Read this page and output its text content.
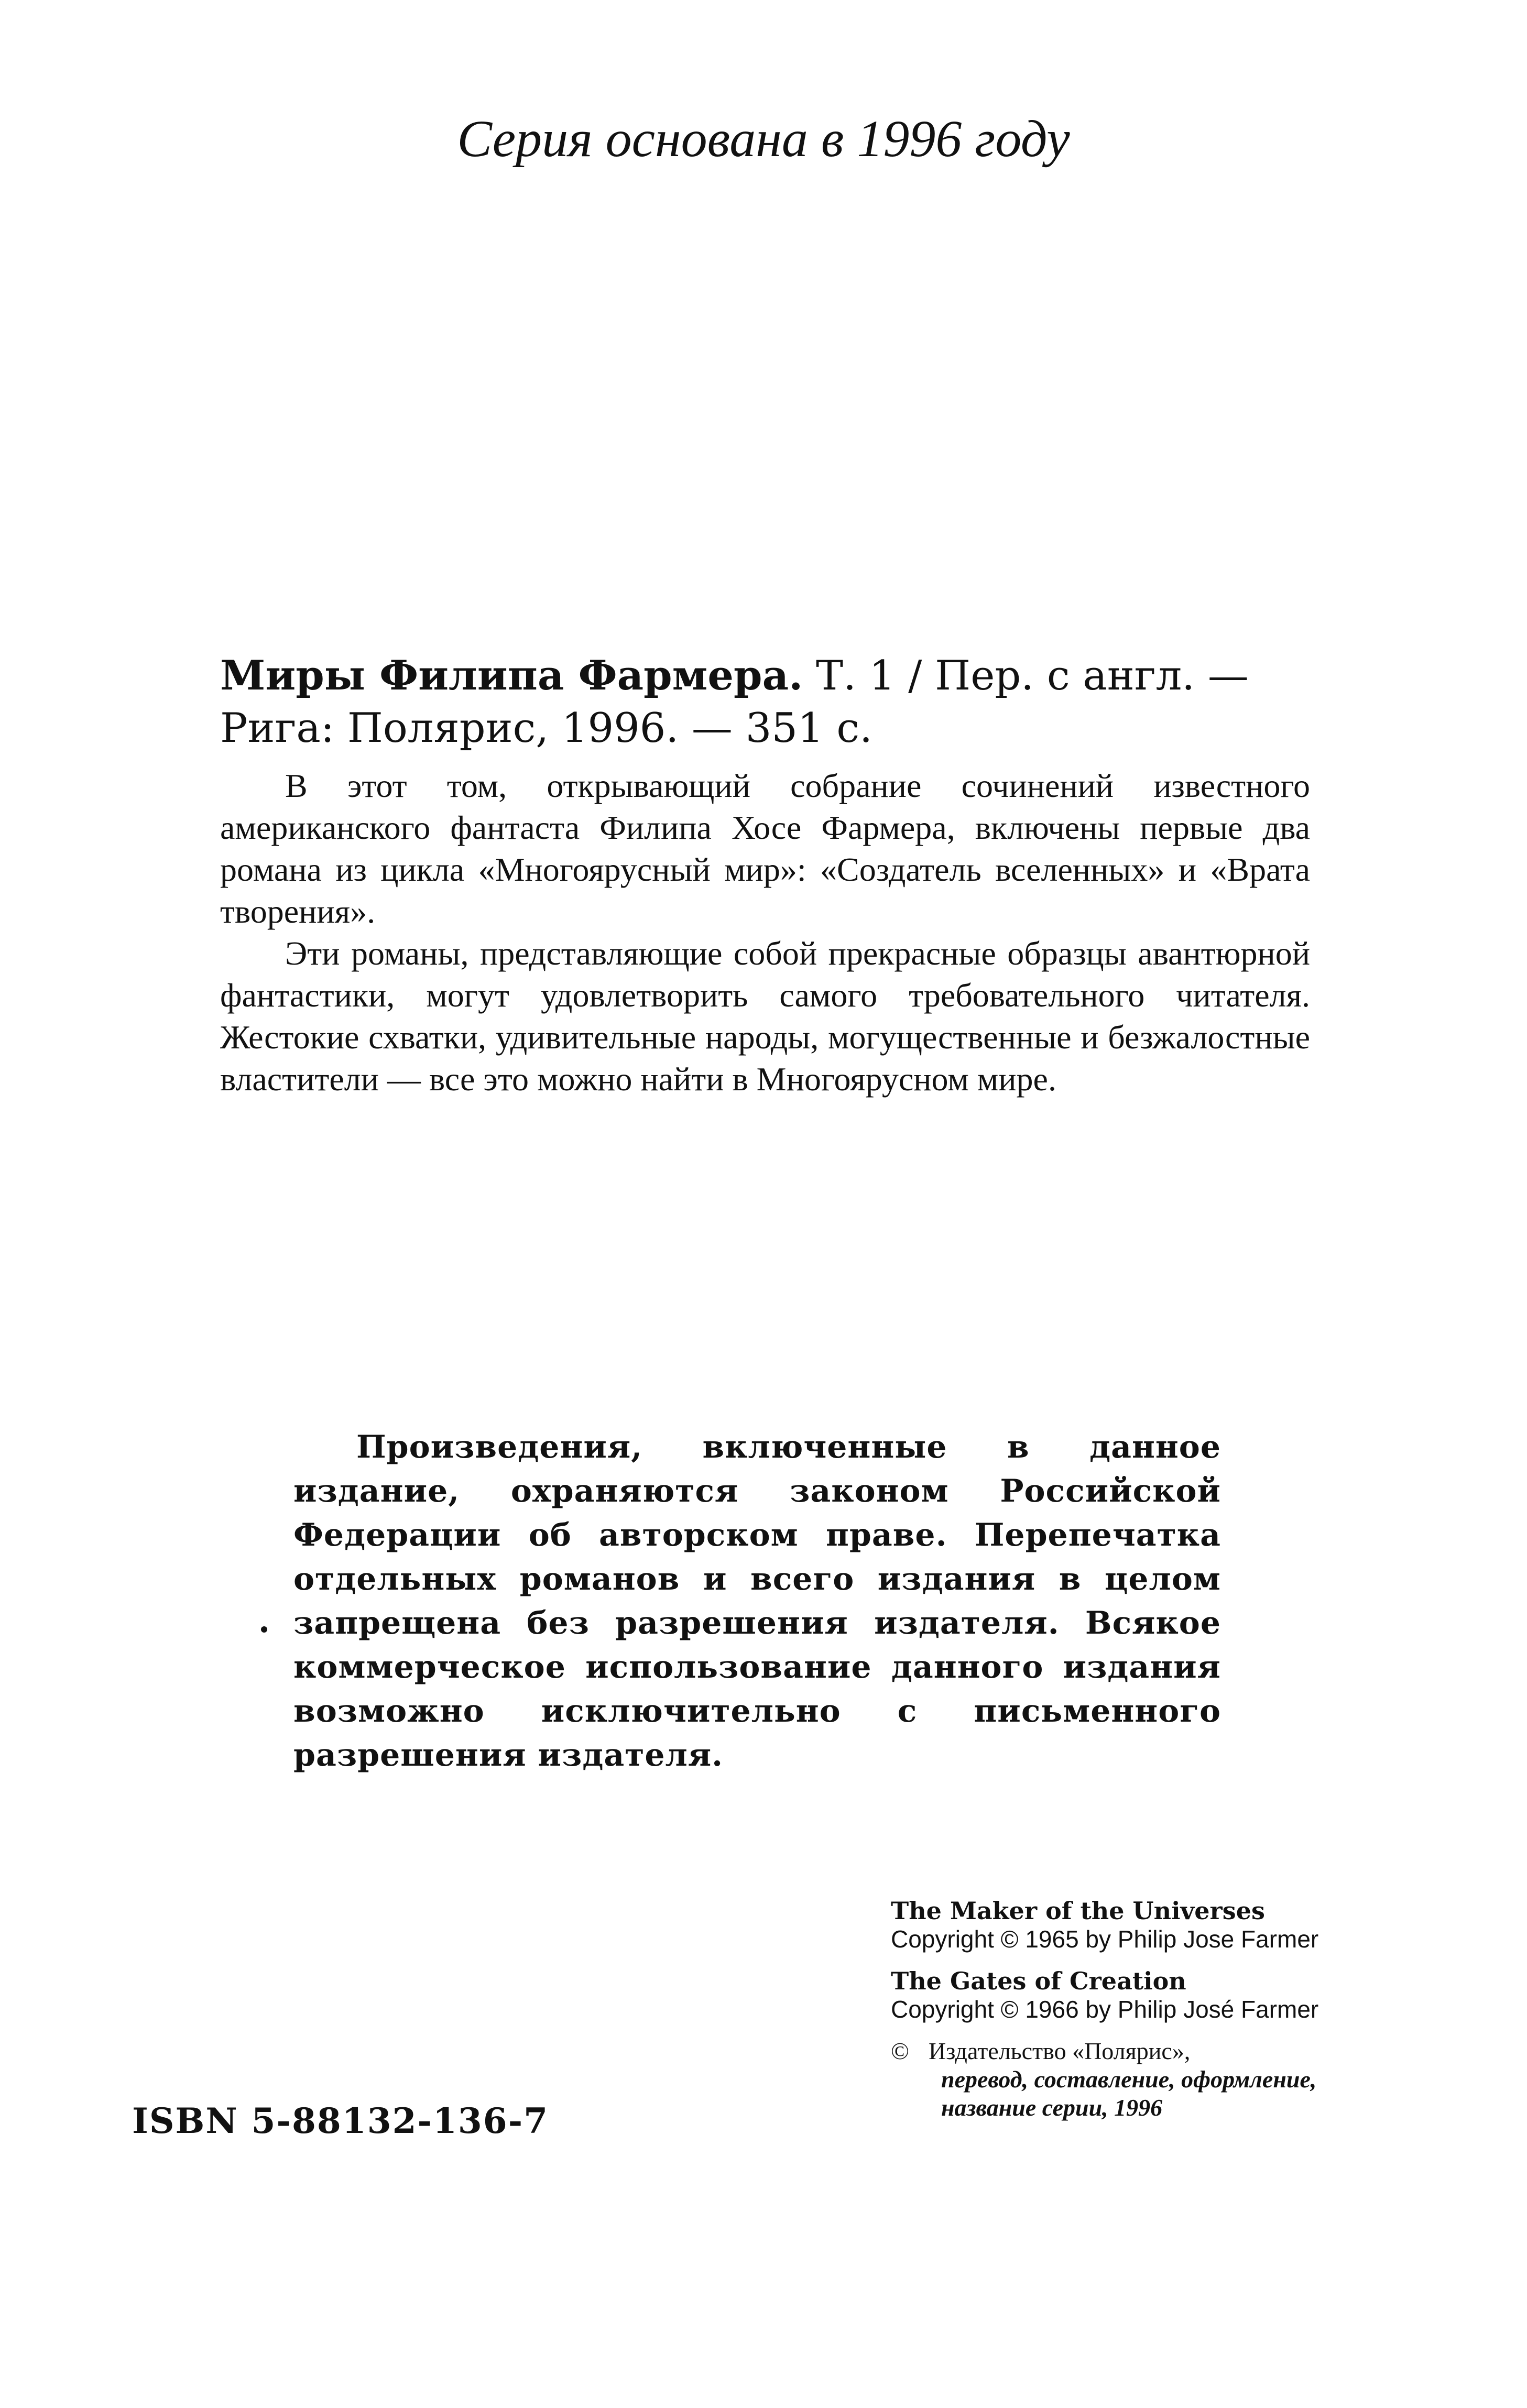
Серия основана в 1996 году
Миры Филипа Фармера. Т. 1 / Пер. с англ. —
Рига: Полярис, 1996. — 351 с.

В этот том, открывающий собрание сочинений известного американского фантаста Филипа Хосе Фармера, включены первые два романа из цикла «Многоярусный мир»: «Создатель вселенных» и «Врата творения».

Эти романы, представляющие собой прекрасные образцы авантюрной фантастики, могут удовлетворить самого требовательного читателя. Жестокие схватки, удивительные народы, могущественные и безжалостные властители — все это можно найти в Многоярусном мире.

Произведения, включенные в данное издание, охраняются законом Российской Федерации об авторском праве. Перепечатка отдельных романов и всего издания в целом запрещена без разрешения издателя. Всякое коммерческое использование данного издания возможно исключительно с письменного разрешения издателя.

The Maker of the Universes
Copyright © 1965 by Philip Jose Farmer
The Gates of Creation
Copyright © 1966 by Philip José Farmer
© Издательство «Полярис»,
перевод, составление, оформление,
название серии, 1996
ISBN 5-88132-136-7
